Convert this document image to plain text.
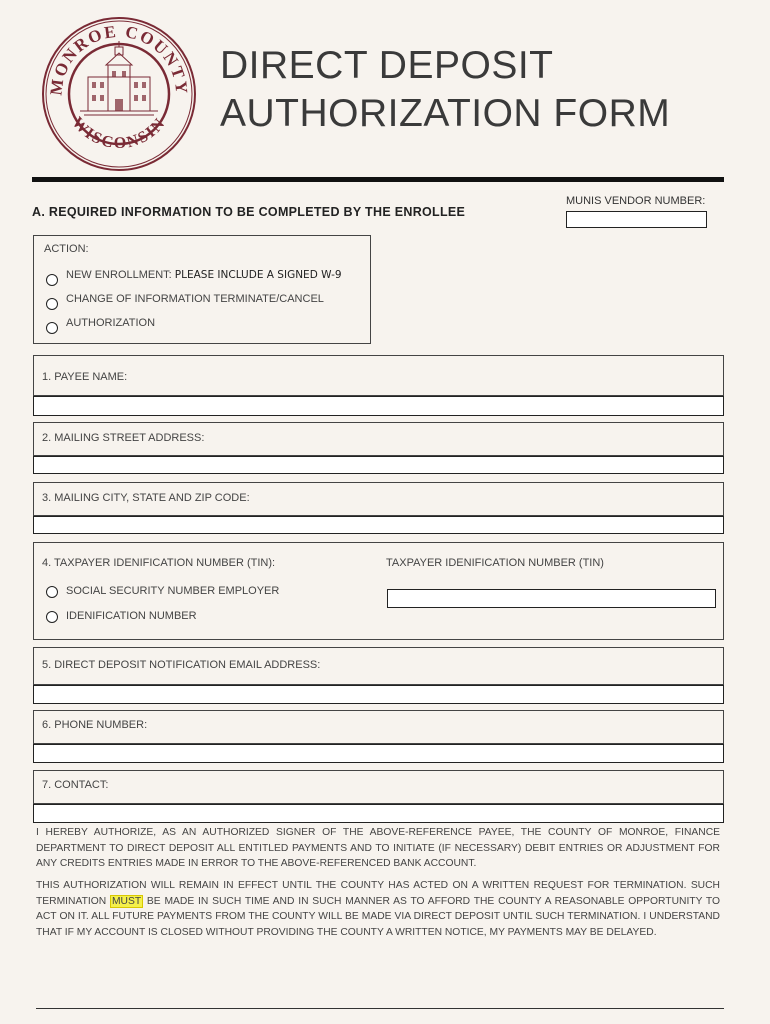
MONROE COUNTY
WISCONSIN
DIRECT DEPOSIT
AUTHORIZATION FORM
MUNIS VENDOR NUMBER:
A. REQUIRED INFORMATION TO BE COMPLETED BY THE ENROLLEE
ACTION:
NEW ENROLLMENT: PLEASE INCLUDE A SIGNED W-9
CHANGE OF INFORMATION TERMINATE/CANCEL
AUTHORIZATION
1. PAYEE NAME:
2. MAILING STREET ADDRESS:
3. MAILING CITY, STATE AND ZIP CODE:
4. TAXPAYER IDENIFICATION NUMBER (TIN):	TAXPAYER IDENIFICATION NUMBER (TIN)
SOCIAL SECURITY NUMBER EMPLOYER
IDENIFICATION NUMBER
5. DIRECT DEPOSIT NOTIFICATION EMAIL ADDRESS:
6. PHONE NUMBER:
7. CONTACT:
I HEREBY AUTHORIZE, AS AN AUTHORIZED SIGNER OF THE ABOVE-REFERENCE PAYEE, THE COUNTY OF MONROE, FINANCE DEPARTMENT TO DIRECT DEPOSIT ALL ENTITLED PAYMENTS AND TO INITIATE (IF NECESSARY) DEBIT ENTRIES OR ADJUSTMENT FOR ANY CREDITS ENTRIES MADE IN ERROR TO THE ABOVE-REFERENCED BANK ACCOUNT.
THIS AUTHORIZATION WILL REMAIN IN EFFECT UNTIL THE COUNTY HAS ACTED ON A WRITTEN REQUEST FOR TERMINATION. SUCH TERMINATION MUST BE MADE IN SUCH TIME AND IN SUCH MANNER AS TO AFFORD THE COUNTY A REASONABLE OPPORTUNITY TO ACT ON IT. ALL FUTURE PAYMENTS FROM THE COUNTY WILL BE MADE VIA DIRECT DEPOSIT UNTIL SUCH TERMINATION. I UNDERSTAND THAT IF MY ACCOUNT IS CLOSED WITHOUT PROVIDING THE COUNTY A WRITTEN NOTICE, MY PAYMENTS MAY BE DELAYED.
